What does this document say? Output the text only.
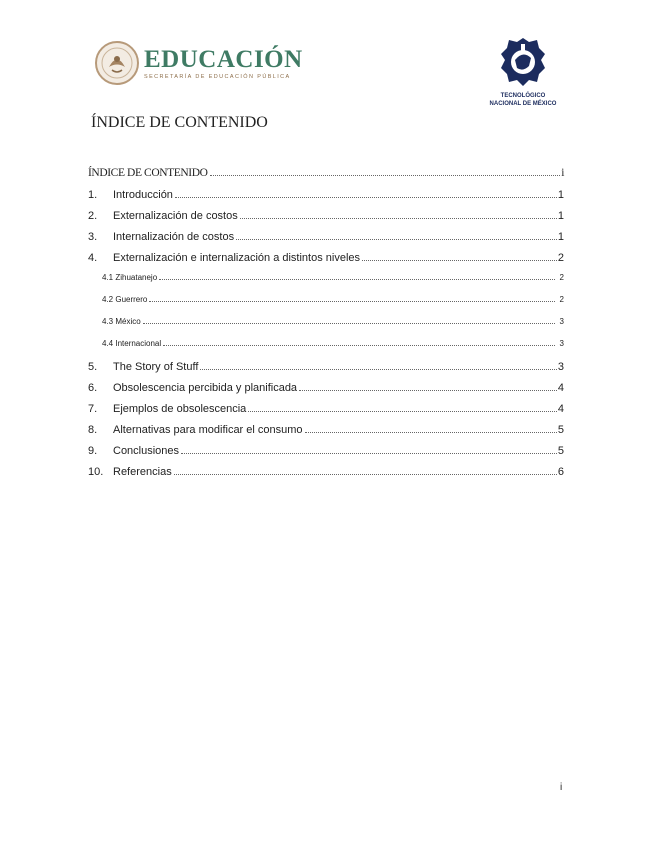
EDUCACIÓN
SECRETARÍA DE EDUCACIÓN PÚBLICA
TECNOLÓGICO
NACIONAL DE MÉXICO
ÍNDICE DE CONTENIDO
ÍNDICE DE CONTENIDO	i
1.	Introducción	1
2.	Externalización de costos	1
3.	Internalización de costos	1
4.	Externalización e internalización a distintos niveles	2
4.1 Zihuatanejo	2
4.2 Guerrero	2
4.3 México	3
4.4 Internacional	3
5.	The Story of Stuff	3
6.	Obsolescencia percibida y planificada	4
7.	Ejemplos de obsolescencia	4
8.	Alternativas para modificar el consumo	5
9.	Conclusiones	5
10. Referencias	6
i
